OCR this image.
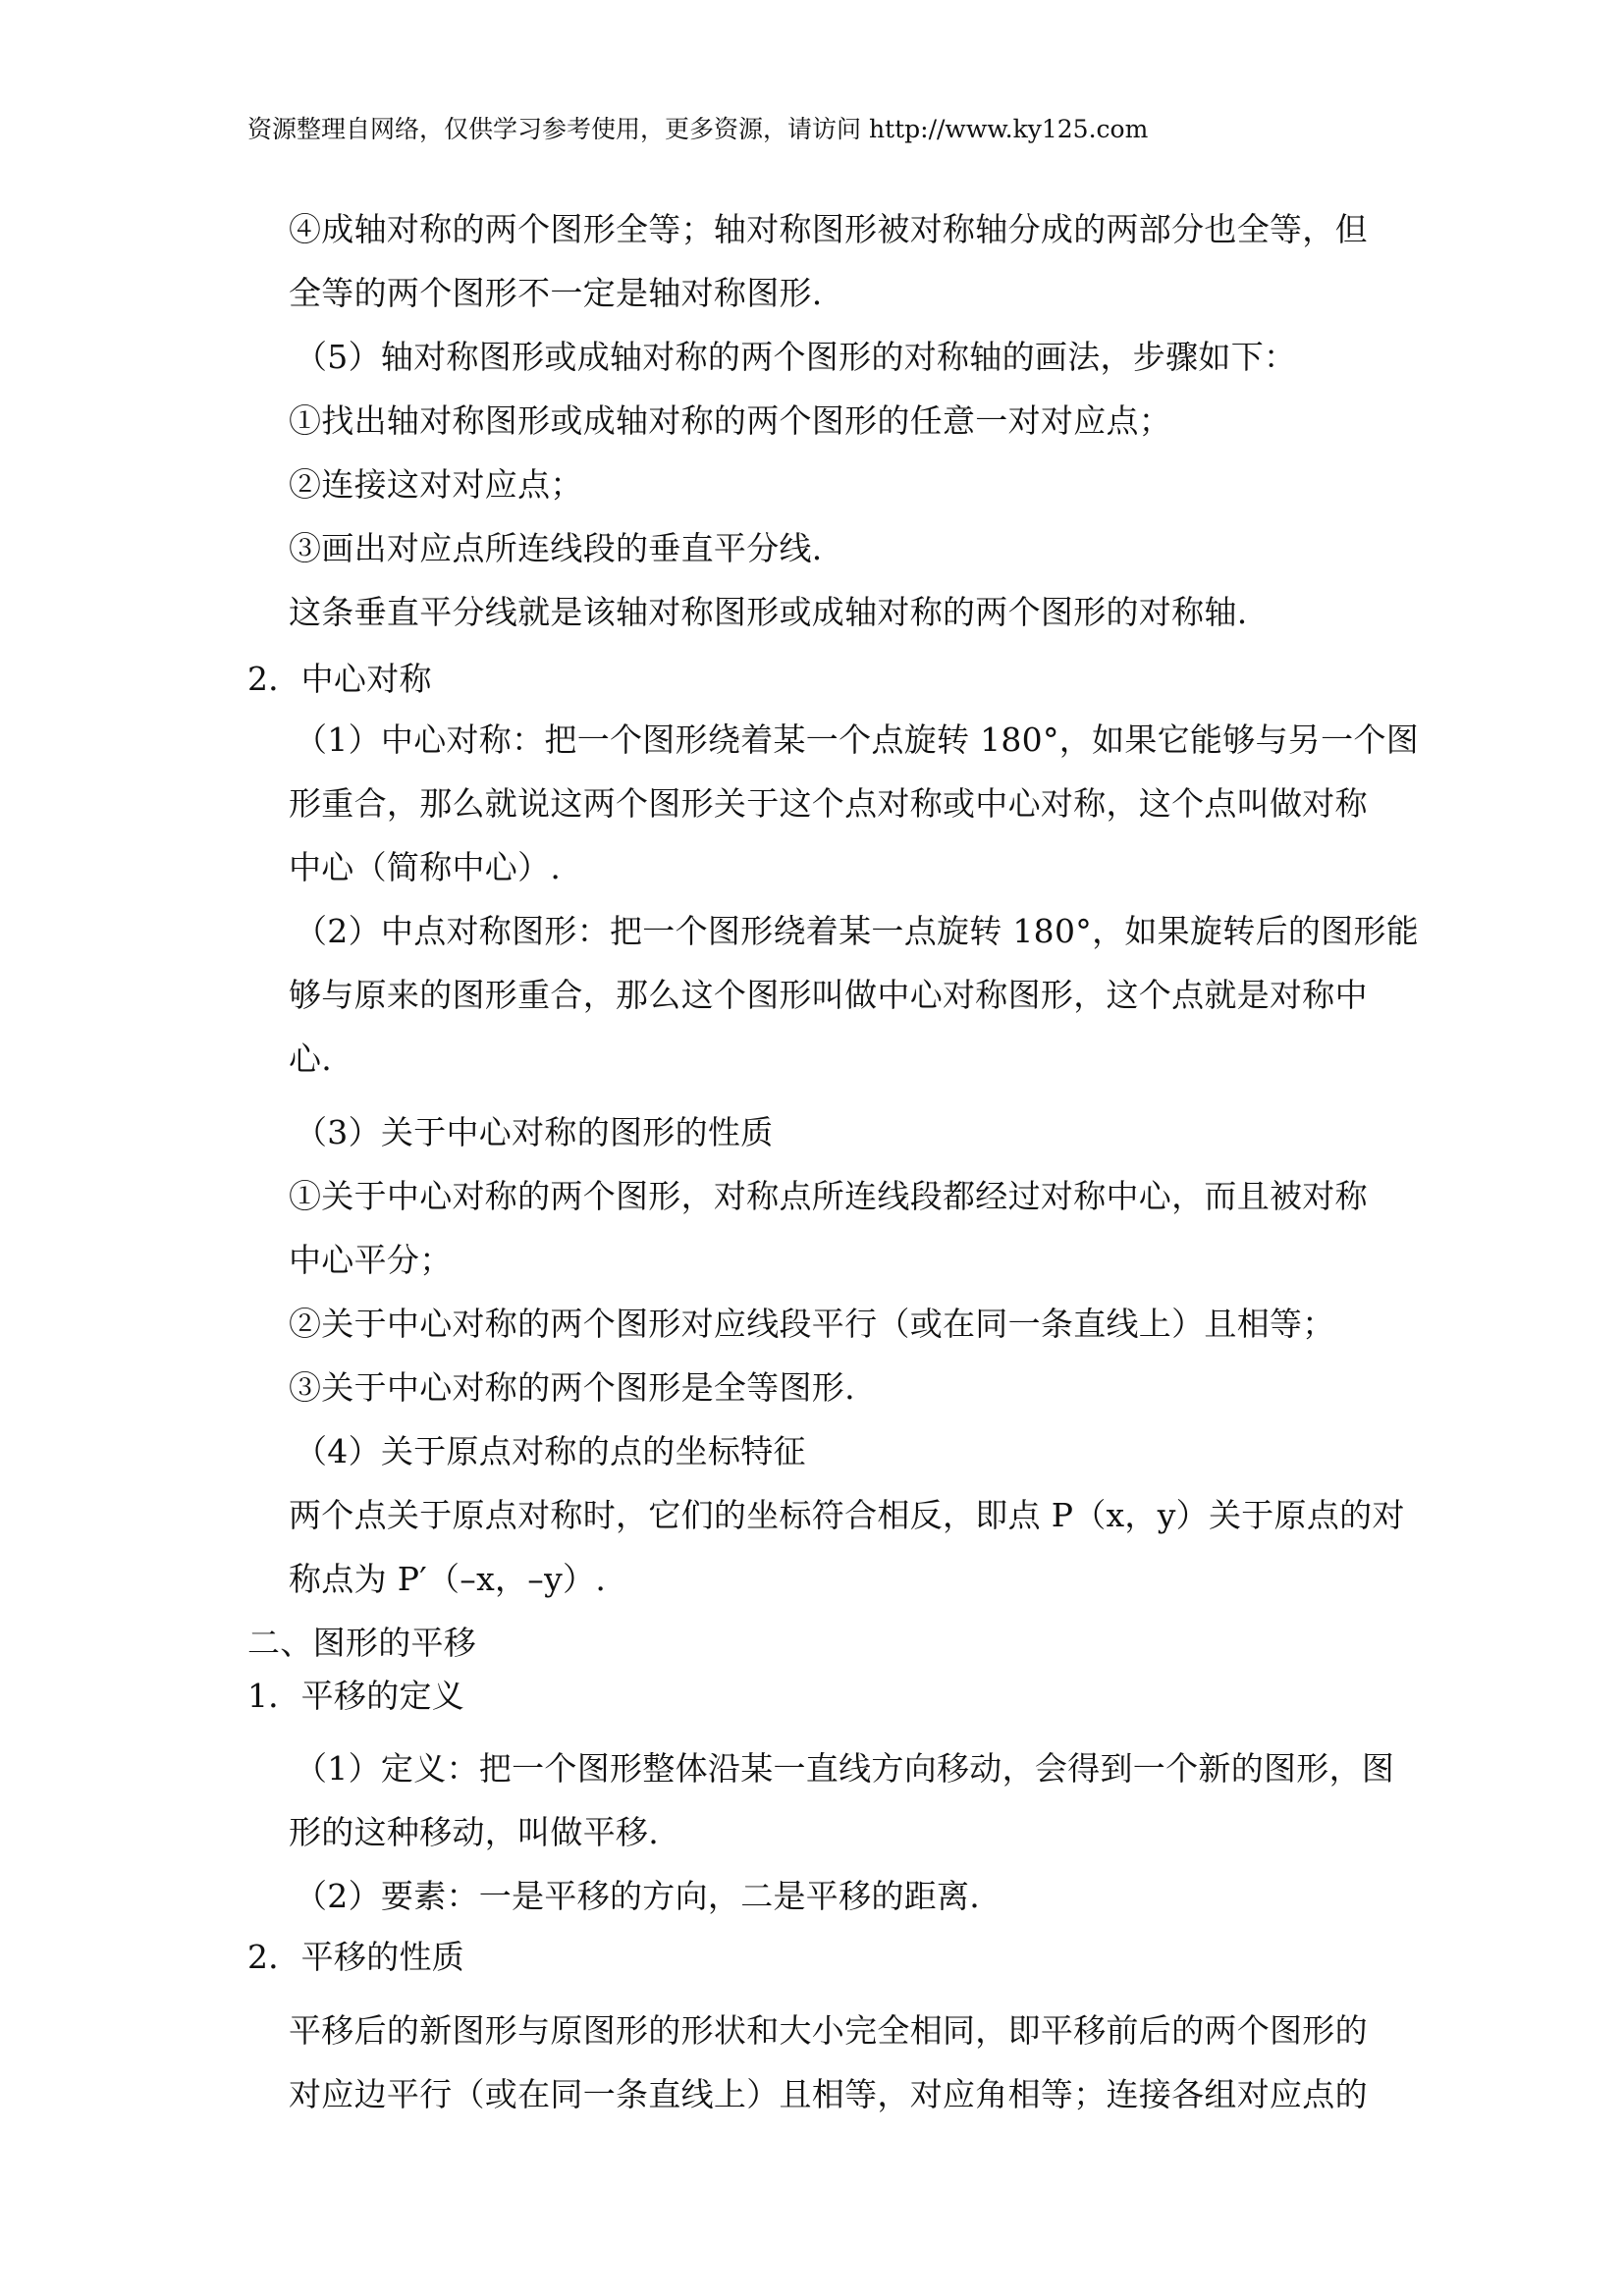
资源整理自网络，仅供学习参考使用，更多资源，请访问 http://www.ky125.com
④成轴对称的两个图形全等；轴对称图形被对称轴分成的两部分也全等，但
全等的两个图形不一定是轴对称图形.
（5）轴对称图形或成轴对称的两个图形的对称轴的画法，步骤如下：
①找出轴对称图形或成轴对称的两个图形的任意一对对应点；
②连接这对对应点；
③画出对应点所连线段的垂直平分线.
这条垂直平分线就是该轴对称图形或成轴对称的两个图形的对称轴.
2．中心对称
（1）中心对称：把一个图形绕着某一个点旋转 180°，如果它能够与另一个图
形重合，那么就说这两个图形关于这个点对称或中心对称，这个点叫做对称
中心（简称中心）.
（2）中点对称图形：把一个图形绕着某一点旋转 180°，如果旋转后的图形能
够与原来的图形重合，那么这个图形叫做中心对称图形，这个点就是对称中
心.
（3）关于中心对称的图形的性质
①关于中心对称的两个图形，对称点所连线段都经过对称中心，而且被对称
中心平分；
②关于中心对称的两个图形对应线段平行（或在同一条直线上）且相等；
③关于中心对称的两个图形是全等图形.
（4）关于原点对称的点的坐标特征
两个点关于原点对称时，它们的坐标符合相反，即点 P（x，y）关于原点的对
称点为 P′（–x，–y）.
二、图形的平移
1．平移的定义
（1）定义：把一个图形整体沿某一直线方向移动，会得到一个新的图形，图
形的这种移动，叫做平移.
（2）要素：一是平移的方向，二是平移的距离.
2．平移的性质
平移后的新图形与原图形的形状和大小完全相同，即平移前后的两个图形的
对应边平行（或在同一条直线上）且相等，对应角相等；连接各组对应点的
